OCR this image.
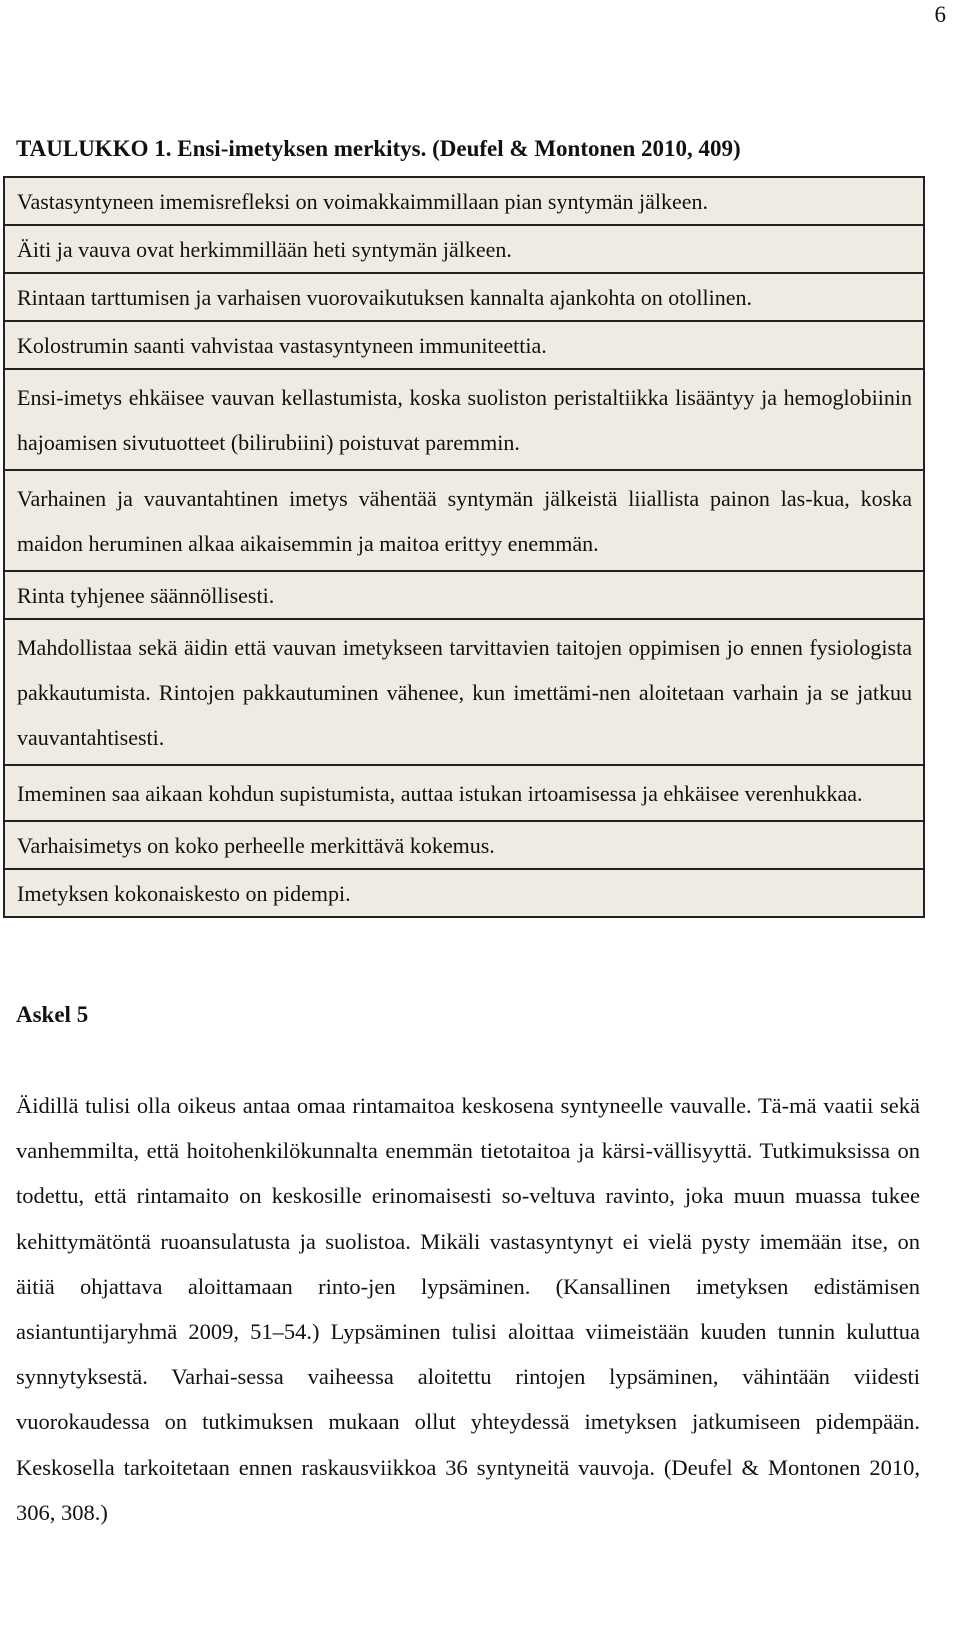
6
TAULUKKO 1. Ensi-imetyksen merkitys. (Deufel & Montonen 2010, 409)
Vastasyntyneen imemisrefleksi on voimakkaimmillaan pian syntymän jälkeen.
Äiti ja vauva ovat herkimmillään heti syntymän jälkeen.
Rintaan tarttumisen ja varhaisen vuorovaikutuksen kannalta ajankohta on otollinen.
Kolostrumin saanti vahvistaa vastasyntyneen immuniteettia.
Ensi-imetys ehkäisee vauvan kellastumista, koska suoliston peristaltiikka lisääntyy ja hemoglobiinin hajoamisen sivutuotteet (bilirubiini) poistuvat paremmin.
Varhainen ja vauvantahtinen imetys vähentää syntymän jälkeistä liiallista painon las-kua, koska maidon heruminen alkaa aikaisemmin ja maitoa erittyy enemmän.
Rinta tyhjenee säännöllisesti.
Mahdollistaa sekä äidin että vauvan imetykseen tarvittavien taitojen oppimisen jo ennen fysiologista pakkautumista. Rintojen pakkautuminen vähenee, kun imettämi-nen aloitetaan varhain ja se jatkuu vauvantahtisesti.
Imeminen saa aikaan kohdun supistumista, auttaa istukan irtoamisessa ja ehkäisee verenhukkaa.
Varhaisimetys on koko perheelle merkittävä kokemus.
Imetyksen kokonaiskesto on pidempi.
Askel 5

Äidillä tulisi olla oikeus antaa omaa rintamaitoa keskosena syntyneelle vauvalle. Tä-mä vaatii sekä vanhemmilta, että hoitohenkilökunnalta enemmän tietotaitoa ja kärsi-vällisyyttä. Tutkimuksissa on todettu, että rintamaito on keskosille erinomaisesti so-veltuva ravinto, joka muun muassa tukee kehittymätöntä ruoansulatusta ja suolistoa. Mikäli vastasyntynyt ei vielä pysty imemään itse, on äitiä ohjattava aloittamaan rinto-jen lypsäminen. (Kansallinen imetyksen edistämisen asiantuntijaryhmä 2009, 51–54.) Lypsäminen tulisi aloittaa viimeistään kuuden tunnin kuluttua synnytyksestä. Varhai-sessa vaiheessa aloitettu rintojen lypsäminen, vähintään viidesti vuorokaudessa on tutkimuksen mukaan ollut yhteydessä imetyksen jatkumiseen pidempään. Keskosella tarkoitetaan ennen raskausviikkoa 36 syntyneitä vauvoja. (Deufel & Montonen 2010, 306, 308.)
